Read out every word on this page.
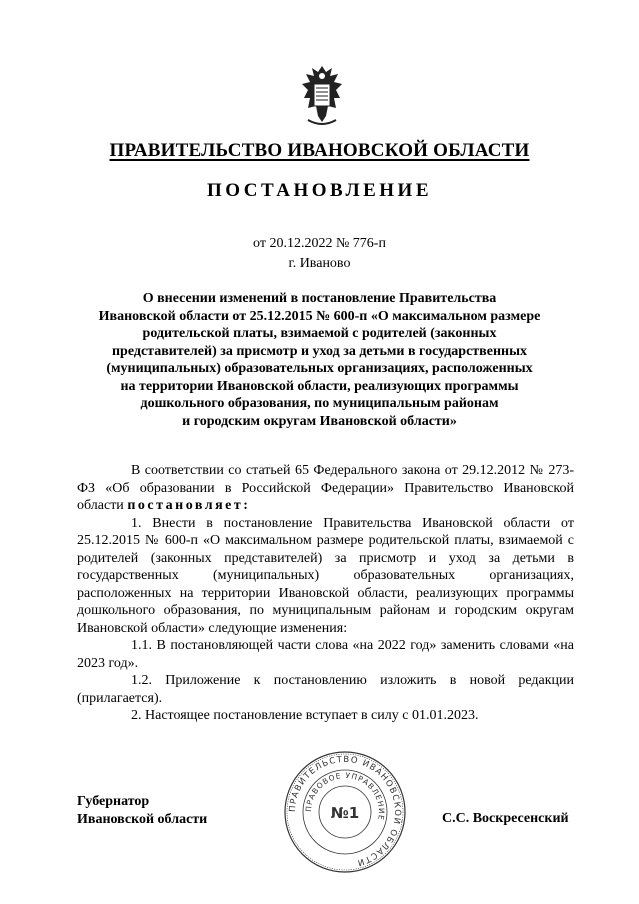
ПРАВИТЕЛЬСТВО ИВАНОВСКОЙ ОБЛАСТИ
ПОСТАНОВЛЕНИЕ
от 20.12.2022 № 776-п
г. Иваново
О внесении изменений в постановление Правительства
Ивановской области от 25.12.2015 № 600-п «О максимальном размере
родительской платы, взимаемой с родителей (законных
представителей) за присмотр и уход за детьми в государственных
(муниципальных) образовательных организациях, расположенных
на территории Ивановской области, реализующих программы
дошкольного образования, по муниципальным районам
и городским округам Ивановской области»

В соответствии со статьей 65 Федерального закона от 29.12.2012 № 273-ФЗ «Об образовании в Российской Федерации» Правительство Ивановской области постановляет:

1. Внести в постановление Правительства Ивановской области от 25.12.2015 № 600-п «О максимальном размере родительской платы, взимаемой с родителей (законных представителей) за присмотр и уход за детьми в государственных (муниципальных) образовательных организациях, расположенных на территории Ивановской области, реализующих программы дошкольного образования, по муниципальным районам и городским округам Ивановской области» следующие изменения:

1.1. В постановляющей части слова «на 2022 год» заменить словами «на 2023 год».

1.2. Приложение к постановлению изложить в новой редакции (прилагается).

2. Настоящее постановление вступает в силу с 01.01.2023.

Губернатор
Ивановской области	С.С. Воскресенский
ПРАВИТЕЛЬСТВО ИВАНОВСКОЙ ОБЛАСТИ
ПРАВОВОЕ УПРАВЛЕНИЕ
№1
